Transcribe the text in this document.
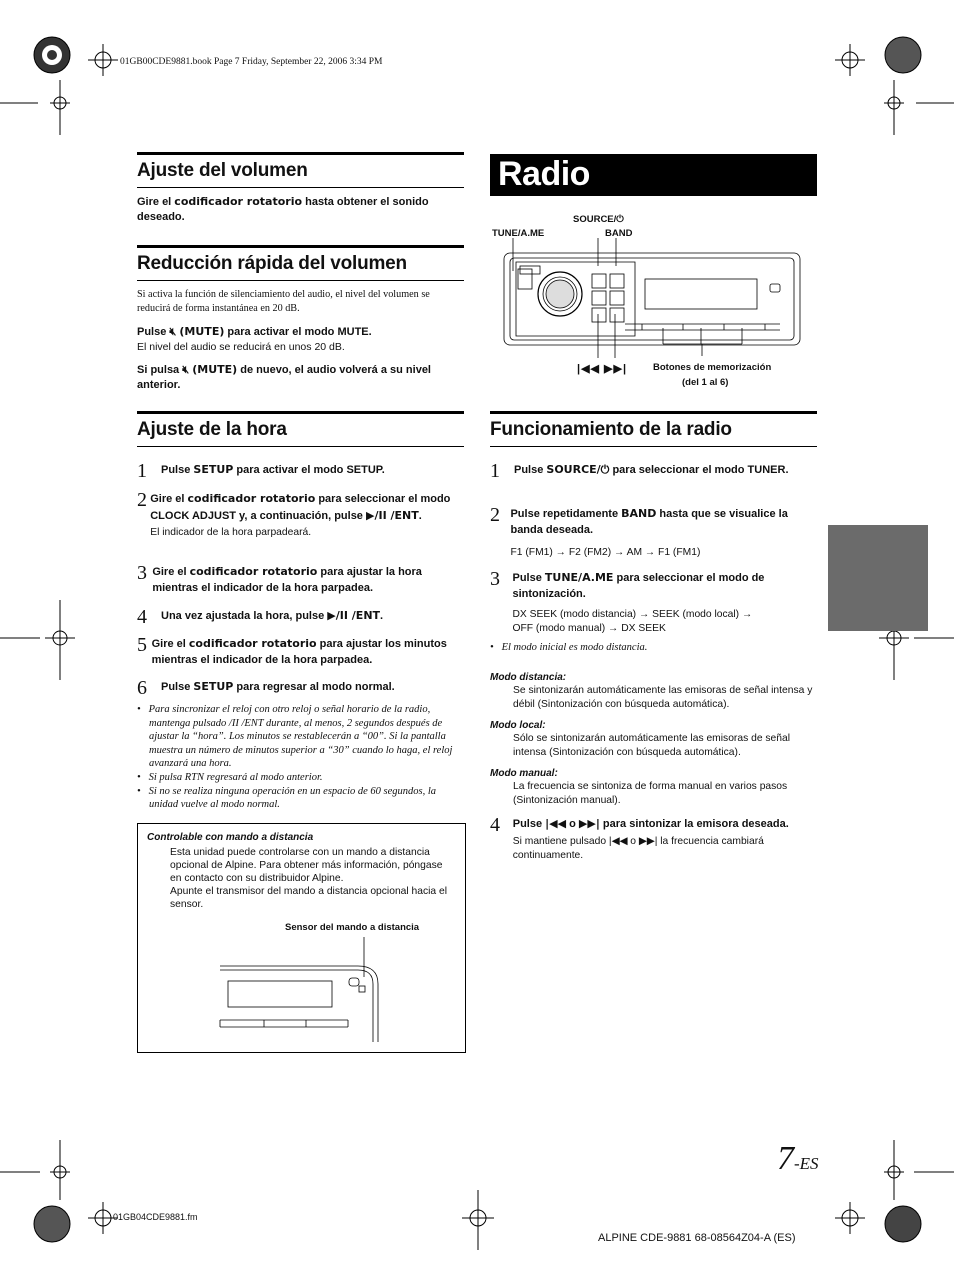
01GB00CDE9881.book Page 7 Friday, September 22, 2006 3:34 PM
Ajuste del volumen
Gire el codificador rotatorio hasta obtener el sonido deseado.
Reducción rápida del volumen
Si activa la función de silenciamiento del audio, el nivel del volumen se reducirá de forma instantánea en 20 dB.
Pulse 🔇︎ (MUTE) para activar el modo MUTE.
El nivel del audio se reducirá en unos 20 dB.
Si pulsa 🔇︎ (MUTE) de nuevo, el audio volverá a su nivel anterior.
Ajuste de la hora
1	Pulse SETUP para activar el modo SETUP.
2 Gire el codificador rotatorio para seleccionar el modo CLOCK ADJUST y, a continuación, pulse ▶/II /ENT.
El indicador de la hora parpadeará.
3 Gire el codificador rotatorio para ajustar la hora mientras el indicador de la hora parpadea.
4	Una vez ajustada la hora, pulse ▶/II /ENT.
5 Gire el codificador rotatorio para ajustar los minutos mientras el indicador de la hora parpadea.
6	Pulse SETUP para regresar al modo normal.
•   Para sincronizar el reloj con otro reloj o señal horario de la radio, mantenga pulsado /II /ENT durante, al menos, 2 segundos después de ajustar la “hora”. Los minutos se restablecerán a “00”. Si la pantalla muestra un número de minutos superior a “30” cuando lo haga, el reloj avanzará una hora.
•   Si pulsa RTN regresará al modo anterior.
•   Si no se realiza ninguna operación en un espacio de 60 segundos, la unidad vuelve al modo normal.
Controlable con mando a distancia
Esta unidad puede controlarse con un mando a distancia opcional de Alpine. Para obtener más información, póngase en contacto con su distribuidor Alpine.
Apunte el transmisor del mando a distancia opcional hacia el sensor.
Sensor del mando a distancia
Radio
SOURCE/⏻
BAND
TUNE/A.ME
|◀◀ ▶▶|	Botones de memorización
(del 1 al 6)
Funcionamiento de la radio
1	Pulse SOURCE/⏻ para seleccionar el modo TUNER.
2 Pulse repetidamente BAND hasta que se visualice la banda deseada.
F1 (FM1) → F2 (FM2) → AM → F1 (FM1)
3	Pulse TUNE/A.ME para seleccionar el modo de sintonización.
DX SEEK (modo distancia) → SEEK (modo local) →
OFF (modo manual) → DX SEEK
•   El modo inicial es modo distancia.
Modo distancia:
Se sintonizarán automáticamente las emisoras de señal intensa y débil (Sintonización con búsqueda automática).
Modo local:
Sólo se sintonizarán automáticamente las emisoras de señal intensa (Sintonización con búsqueda automática).
Modo manual:
La frecuencia se sintoniza de forma manual en varios pasos (Sintonización manual).
4	Pulse |◀◀ o ▶▶| para sintonizar la emisora deseada.
Si mantiene pulsado |◀◀ o ▶▶| la frecuencia cambiará continuamente.
7-ES
01GB04CDE9881.fm
ALPINE CDE-9881 68-08564Z04-A (ES)
